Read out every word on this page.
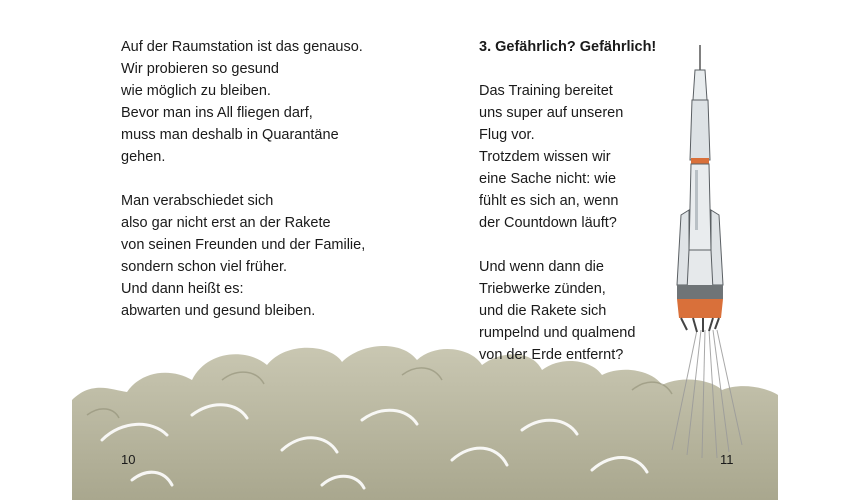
Auf der Raumstation ist das genauso.
Wir probieren so gesund
wie möglich zu bleiben.
Bevor man ins All fliegen darf,
muss man deshalb in Quarantäne
gehen.
Man verabschiedet sich
also gar nicht erst an der Rakete
von seinen Freunden und der Familie,
sondern schon viel früher.
Und dann heißt es:
abwarten und gesund bleiben.
3. Gefährlich? Gefährlich!
Das Training bereitet
uns super auf unseren
Flug vor.
Trotzdem wissen wir
eine Sache nicht: wie
fühlt es sich an, wenn
der Countdown läuft?
Und wenn dann die
Triebwerke zünden,
und die Rakete sich
rumpelnd und qualmend
von der Erde entfernt?
10	11
